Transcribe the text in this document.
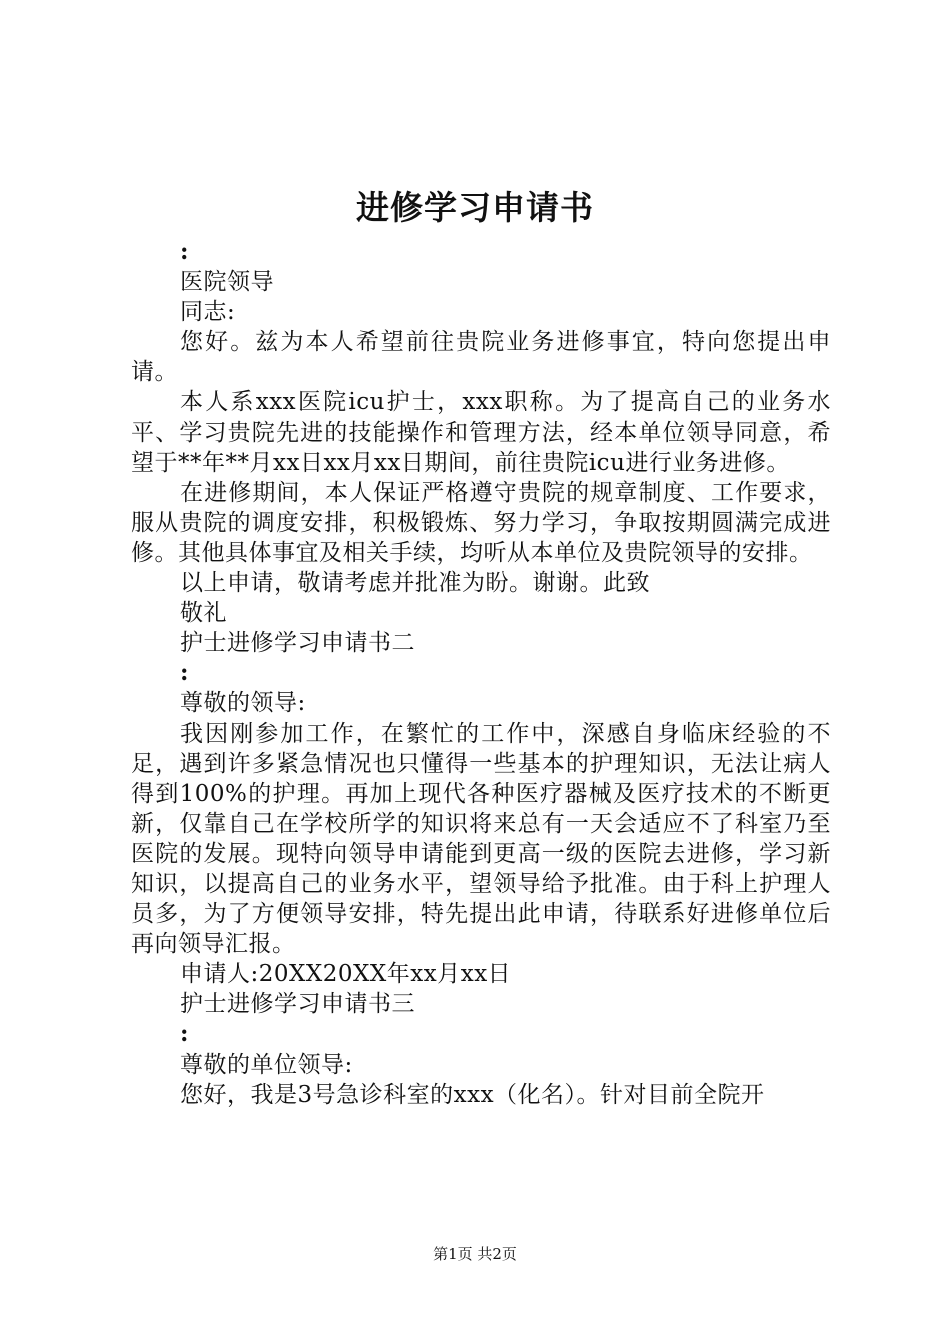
进修学习申请书

:

医院领导

同志:

您好。兹为本人希望前往贵院业务进修事宜，特向您提出申请。

本人系xxx医院icu护士，xxx职称。为了提高自己的业务水平、学习贵院先进的技能操作和管理方法，经本单位领导同意，希望于**年**月xx日xx月xx日期间，前往贵院icu进行业务进修。

在进修期间，本人保证严格遵守贵院的规章制度、工作要求，服从贵院的调度安排，积极锻炼、努力学习，争取按期圆满完成进修。其他具体事宜及相关手续，均听从本单位及贵院领导的安排。

以上申请，敬请考虑并批准为盼。谢谢。此致

敬礼

护士进修学习申请书二

:

尊敬的领导:

我因刚参加工作，在繁忙的工作中，深感自身临床经验的不足，遇到许多紧急情况也只懂得一些基本的护理知识，无法让病人得到100%的护理。再加上现代各种医疗器械及医疗技术的不断更新，仅靠自己在学校所学的知识将来总有一天会适应不了科室乃至医院的发展。现特向领导申请能到更高一级的医院去进修，学习新知识，以提高自己的业务水平，望领导给予批准。由于科上护理人员多，为了方便领导安排，特先提出此申请，待联系好进修单位后再向领导汇报。

申请人:20XX20XX年xx月xx日

护士进修学习申请书三

:

尊敬的单位领导:

您好，我是3号急诊科室的xxx（化名）。针对目前全院开

第1页 共2页
